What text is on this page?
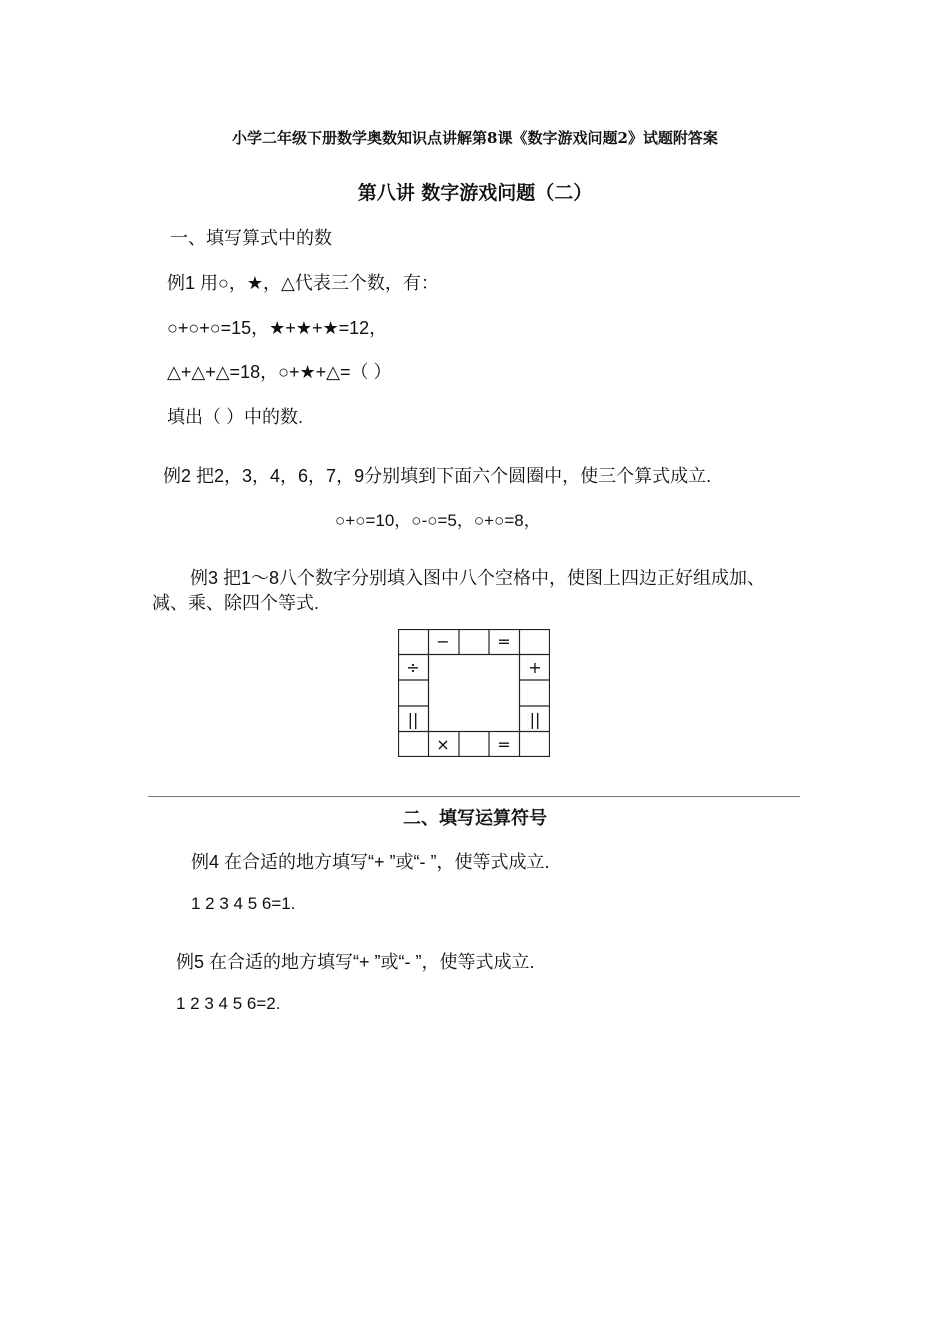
小学二年级下册数学奥数知识点讲解第8课《数字游戏问题2》试题附答案
第八讲 数字游戏问题（二）
一、填写算式中的数
例1 用○，★，△代表三个数，有：
○+○+○=15，★+★+★=12，
△+△+△=18，○+★+△=（ ）
填出（ ）中的数.
例2 把2，3，4，6，7，9分别填到下面六个圆圈中，使三个算式成立.
○+○=10，○-○=5，○+○=8，
例3 把1～8八个数字分别填入图中八个空格中，使图上四边正好组成加、
减、乘、除四个等式.
−	=
÷
||
+
||
×	=
二、填写运算符号
例4 在合适的地方填写“+ ”或“- ”，使等式成立.
1 2 3 4 5 6=1.
例5 在合适的地方填写“+ ”或“- ”，使等式成立.
1 2 3 4 5 6=2.
